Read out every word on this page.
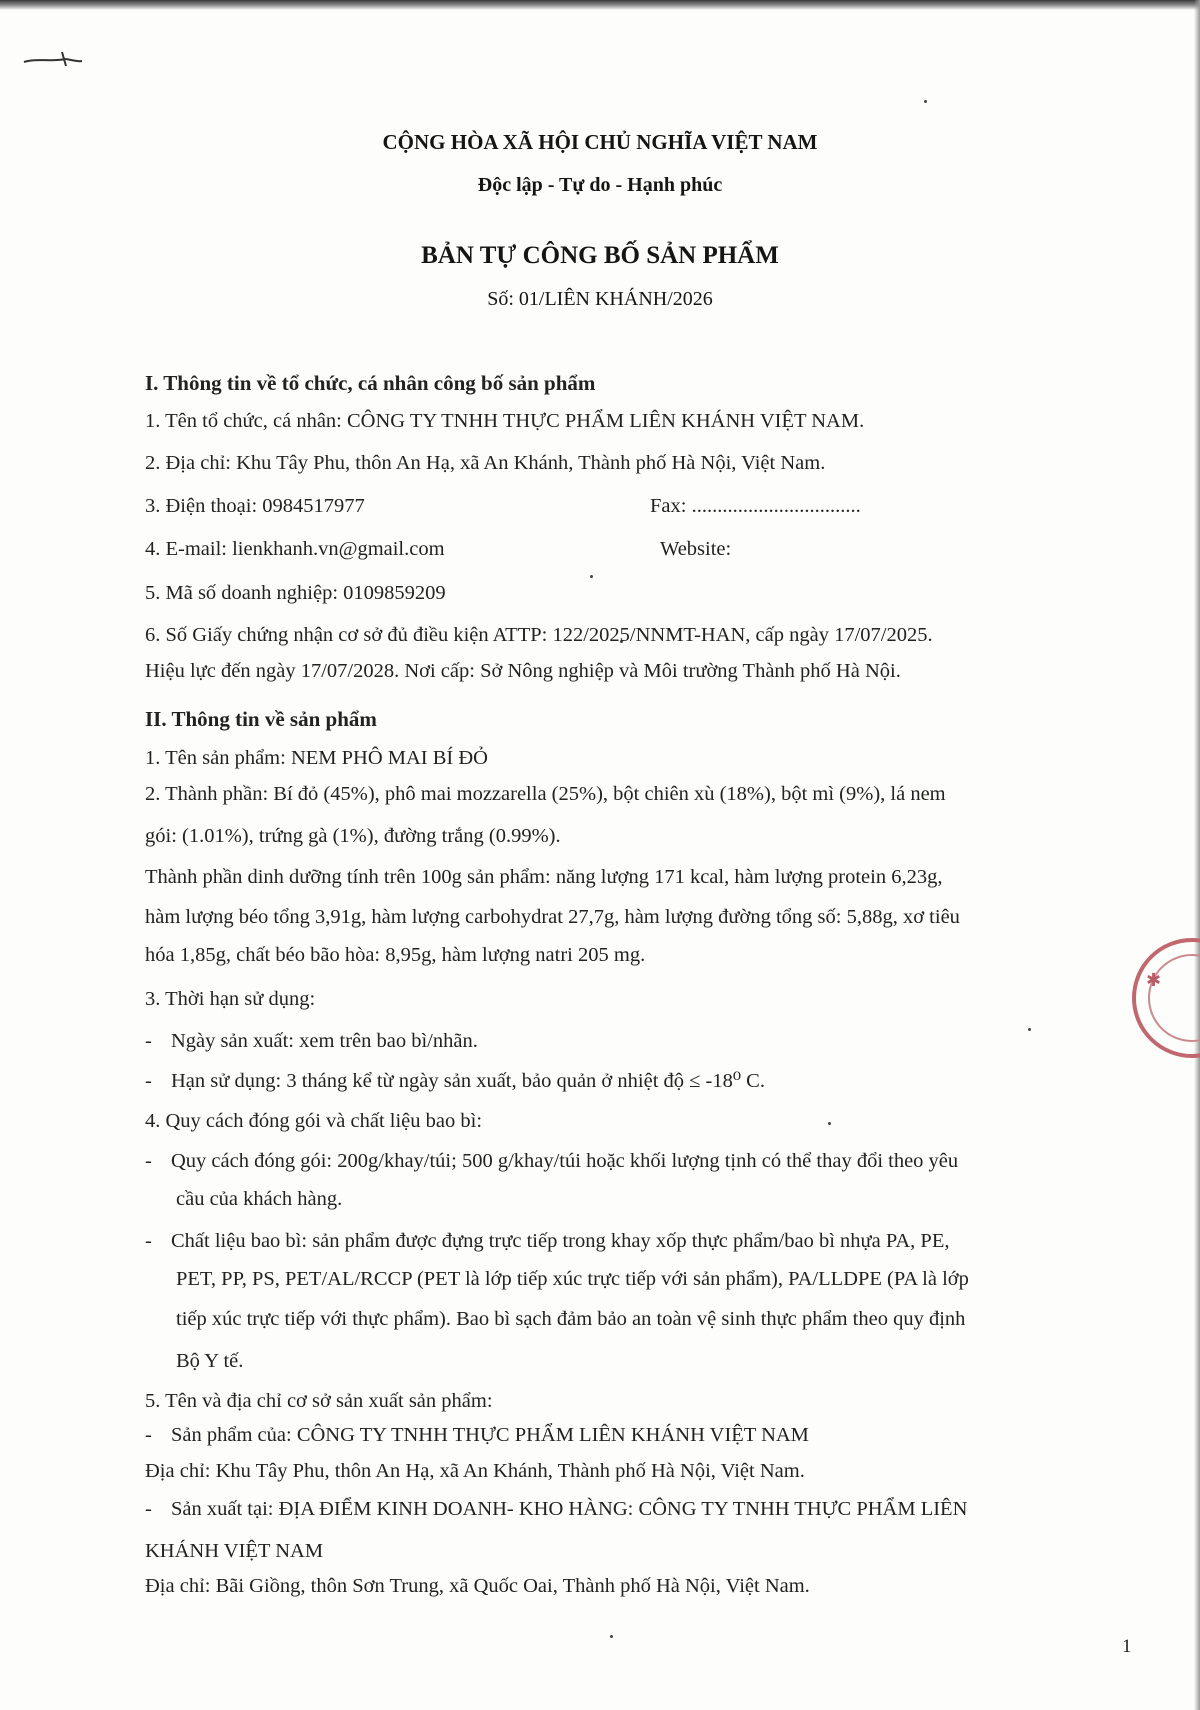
✱
CỘNG HÒA XÃ HỘI CHỦ NGHĨA VIỆT NAM
Độc lập - Tự do - Hạnh phúc
BẢN TỰ CÔNG BỐ SẢN PHẨM
Số: 01/LIÊN KHÁNH/2026
I. Thông tin về tổ chức, cá nhân công bố sản phẩm
1. Tên tổ chức, cá nhân: CÔNG TY TNHH THỰC PHẨM LIÊN KHÁNH VIỆT NAM.
2. Địa chỉ: Khu Tây Phu, thôn An Hạ, xã An Khánh, Thành phố Hà Nội, Việt Nam.
3. Điện thoại: 0984517977	Fax: .................................
4. E-mail: lienkhanh.vn@gmail.com	Website:
5. Mã số doanh nghiệp: 0109859209
6. Số Giấy chứng nhận cơ sở đủ điều kiện ATTP: 122/2025/NNMT-HAN, cấp ngày 17/07/2025.
Hiệu lực đến ngày 17/07/2028. Nơi cấp: Sở Nông nghiệp và Môi trường Thành phố Hà Nội.
II. Thông tin về sản phẩm
1. Tên sản phẩm: NEM PHÔ MAI BÍ ĐỎ
2. Thành phần: Bí đỏ (45%), phô mai mozzarella (25%), bột chiên xù (18%), bột mì (9%), lá nem
gói: (1.01%), trứng gà (1%), đường trắng (0.99%).
Thành phần dinh dưỡng tính trên 100g sản phẩm: năng lượng 171 kcal, hàm lượng protein 6,23g,
hàm lượng béo tổng 3,91g, hàm lượng carbohydrat 27,7g, hàm lượng đường tổng số: 5,88g, xơ tiêu
hóa 1,85g, chất béo bão hòa: 8,95g, hàm lượng natri 205 mg.
3. Thời hạn sử dụng:
- Ngày sản xuất: xem trên bao bì/nhãn.
- Hạn sử dụng: 3 tháng kể từ ngày sản xuất, bảo quản ở nhiệt độ ≤ -18⁰ C.
4. Quy cách đóng gói và chất liệu bao bì:
- Quy cách đóng gói: 200g/khay/túi; 500 g/khay/túi hoặc khối lượng tịnh có thể thay đổi theo yêu
cầu của khách hàng.
- Chất liệu bao bì: sản phẩm được đựng trực tiếp trong khay xốp thực phẩm/bao bì nhựa PA, PE,
PET, PP, PS, PET/AL/RCCP (PET là lớp tiếp xúc trực tiếp với sản phẩm), PA/LLDPE (PA là lớp
tiếp xúc trực tiếp với thực phẩm). Bao bì sạch đảm bảo an toàn vệ sinh thực phẩm theo quy định
Bộ Y tế.
5. Tên và địa chỉ cơ sở sản xuất sản phẩm:
- Sản phẩm của: CÔNG TY TNHH THỰC PHẨM LIÊN KHÁNH VIỆT NAM
Địa chỉ: Khu Tây Phu, thôn An Hạ, xã An Khánh, Thành phố Hà Nội, Việt Nam.
- Sản xuất tại: ĐỊA ĐIỂM KINH DOANH- KHO HÀNG: CÔNG TY TNHH THỰC PHẨM LIÊN
KHÁNH VIỆT NAM
Địa chỉ: Bãi Giồng, thôn Sơn Trung, xã Quốc Oai, Thành phố Hà Nội, Việt Nam.
1
